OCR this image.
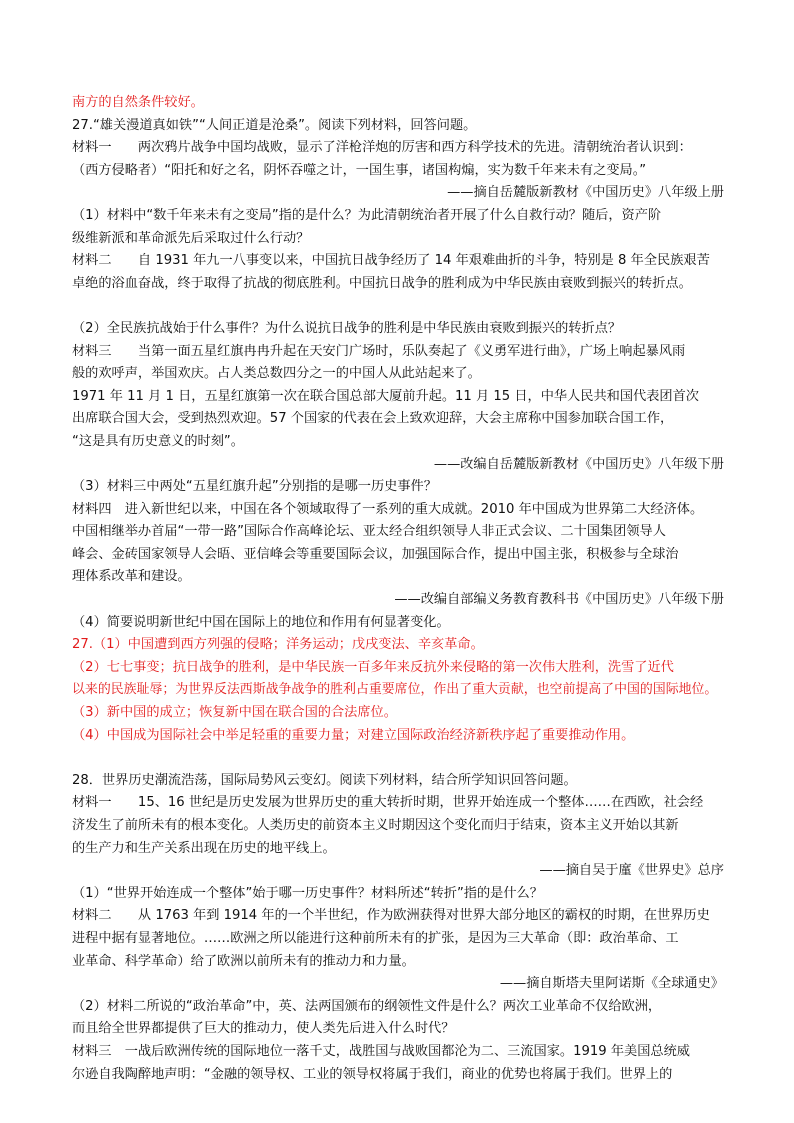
南方的自然条件较好。
27.“雄关漫道真如铁”“人间正道是沧桑”。阅读下列材料，回答问题。
材料一　　两次鸦片战争中国均战败，显示了洋枪洋炮的厉害和西方科学技术的先进。清朝统治者认识到：
（西方侵略者）“阳托和好之名，阴怀吞噬之计，一国生事，诸国构煽，实为数千年来未有之变局。”
——摘自岳麓版新教材《中国历史》八年级上册
（1）材料中“数千年来未有之变局”指的是什么？为此清朝统治者开展了什么自救行动？随后，资产阶
级维新派和革命派先后采取过什么行动？
材料二　　自 1931 年九一八事变以来，中国抗日战争经历了 14 年艰难曲折的斗争，特别是 8 年全民族艰苦
卓绝的浴血奋战，终于取得了抗战的彻底胜利。中国抗日战争的胜利成为中华民族由衰败到振兴的转折点。
（2）全民族抗战始于什么事件？为什么说抗日战争的胜利是中华民族由衰败到振兴的转折点？
材料三　　当第一面五星红旗冉冉升起在天安门广场时，乐队奏起了《义勇军进行曲》，广场上响起暴风雨
般的欢呼声，举国欢庆。占人类总数四分之一的中国人从此站起来了。
1971 年 11 月 1 日，五星红旗第一次在联合国总部大厦前升起。11 月 15 日，中华人民共和国代表团首次
出席联合国大会，受到热烈欢迎。57 个国家的代表在会上致欢迎辞，大会主席称中国参加联合国工作，
“这是具有历史意义的时刻”。
——改编自岳麓版新教材《中国历史》八年级下册
（3）材料三中两处“五星红旗升起”分别指的是哪一历史事件？
材料四　进入新世纪以来，中国在各个领域取得了一系列的重大成就。2010 年中国成为世界第二大经济体。
中国相继举办首届“一带一路”国际合作高峰论坛、亚太经合组织领导人非正式会议、二十国集团领导人
峰会、金砖国家领导人会晤、亚信峰会等重要国际会议，加强国际合作，提出中国主张，积极参与全球治
理体系改革和建设。
——改编自部编义务教育教科书《中国历史》八年级下册
（4）简要说明新世纪中国在国际上的地位和作用有何显著变化。
27.（1）中国遭到西方列强的侵略；洋务运动；戊戌变法、辛亥革命。
（2）七七事变；抗日战争的胜利，是中华民族一百多年来反抗外来侵略的第一次伟大胜利，洗雪了近代
以来的民族耻辱；为世界反法西斯战争战争的胜利占重要席位，作出了重大贡献，也空前提高了中国的国际地位。
（3）新中国的成立；恢复新中国在联合国的合法席位。
（4）中国成为国际社会中举足轻重的重要力量；对建立国际政治经济新秩序起了重要推动作用。
28．世界历史潮流浩荡，国际局势风云变幻。阅读下列材料，结合所学知识回答问题。
材料一　　15、16 世纪是历史发展为世界历史的重大转折时期，世界开始连成一个整体……在西欧，社会经
济发生了前所未有的根本变化。人类历史的前资本主义时期因这个变化而归于结束，资本主义开始以其新
的生产力和生产关系出现在历史的地平线上。
——摘自吴于廑《世界史》总序
（1）“世界开始连成一个整体”始于哪一历史事件？材料所述“转折”指的是什么？
材料二　　从 1763 年到 1914 年的一个半世纪，作为欧洲获得对世界大部分地区的霸权的时期，在世界历史
进程中据有显著地位。……欧洲之所以能进行这种前所未有的扩张，是因为三大革命（即：政治革命、工
业革命、科学革命）给了欧洲以前所未有的推动力和力量。
——摘自斯塔夫里阿诺斯《全球通史》
（2）材料二所说的“政治革命”中，英、法两国颁布的纲领性文件是什么？两次工业革命不仅给欧洲，
而且给全世界都提供了巨大的推动力，使人类先后进入什么时代？
材料三　一战后欧洲传统的国际地位一落千丈，战胜国与战败国都沦为二、三流国家。1919 年美国总统威
尔逊自我陶醉地声明：“金融的领导权、工业的领导权将属于我们，商业的优势也将属于我们。世界上的
